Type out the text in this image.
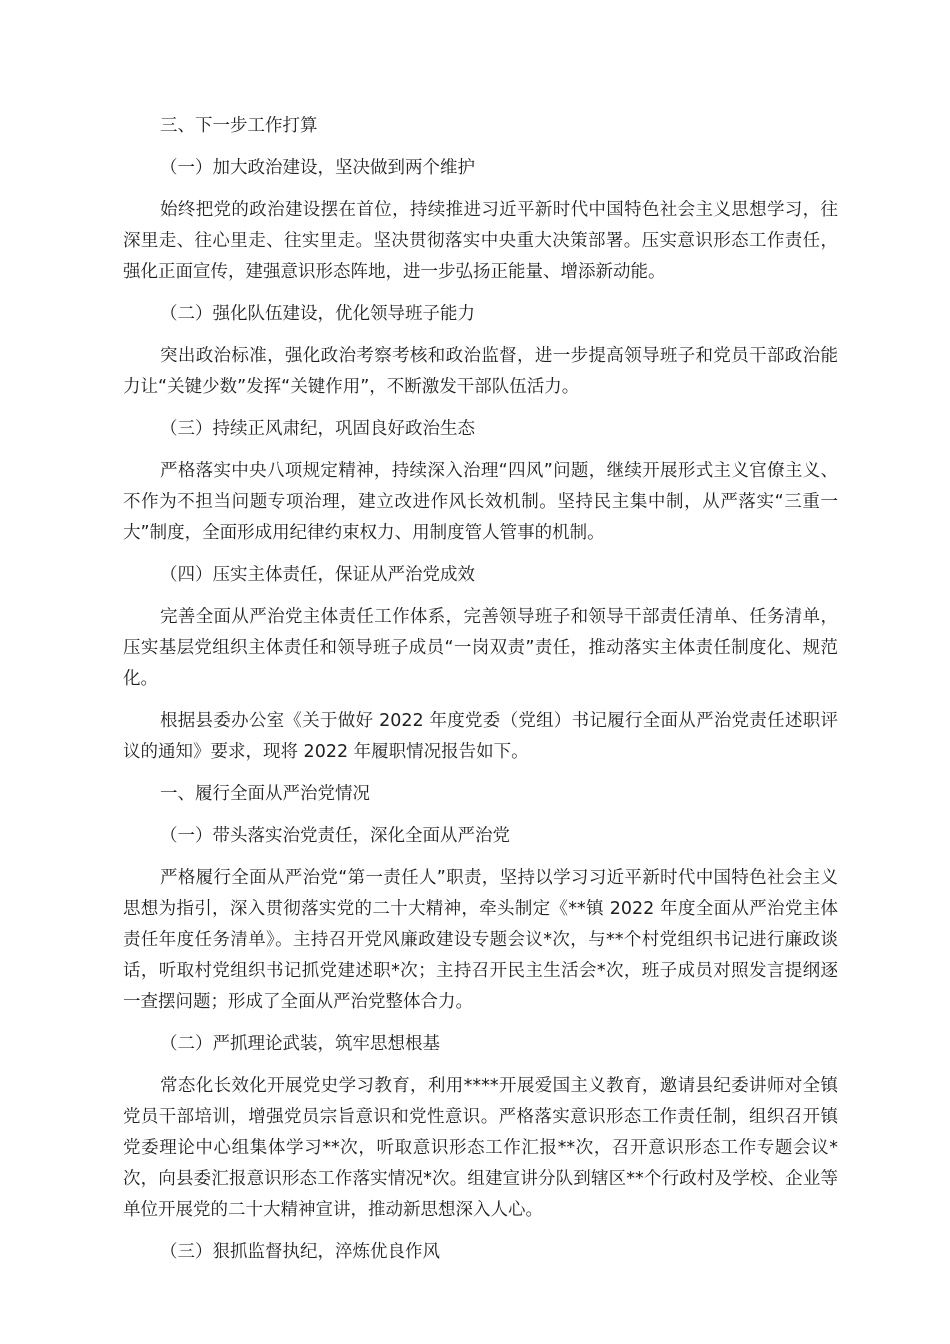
三、下一步工作打算

（一）加大政治建设，坚决做到两个维护

始终把党的政治建设摆在首位，持续推进习近平新时代中国特色社会主义思想学习，往深里走、往心里走、往实里走。坚决贯彻落实中央重大决策部署。压实意识形态工作责任，强化正面宣传，建强意识形态阵地，进一步弘扬正能量、增添新动能。

（二）强化队伍建设，优化领导班子能力

突出政治标准，强化政治考察考核和政治监督，进一步提高领导班子和党员干部政治能力让“关键少数”发挥“关键作用”，不断激发干部队伍活力。

（三）持续正风肃纪，巩固良好政治生态

严格落实中央八项规定精神，持续深入治理“四风”问题，继续开展形式主义官僚主义、不作为不担当问题专项治理，建立改进作风长效机制。坚持民主集中制，从严落实“三重一大”制度，全面形成用纪律约束权力、用制度管人管事的机制。

（四）压实主体责任，保证从严治党成效

完善全面从严治党主体责任工作体系，完善领导班子和领导干部责任清单、任务清单，压实基层党组织主体责任和领导班子成员“一岗双责”责任，推动落实主体责任制度化、规范化。

根据县委办公室《关于做好 2022 年度党委（党组）书记履行全面从严治党责任述职评议的通知》要求，现将 2022 年履职情况报告如下。

一、履行全面从严治党情况

（一）带头落实治党责任，深化全面从严治党

严格履行全面从严治党“第一责任人”职责，坚持以学习习近平新时代中国特色社会主义思想为指引，深入贯彻落实党的二十大精神，牵头制定《**镇 2022 年度全面从严治党主体责任年度任务清单》。主持召开党风廉政建设专题会议*次，与**个村党组织书记进行廉政谈话，听取村党组织书记抓党建述职*次；主持召开民主生活会*次，班子成员对照发言提纲逐一查摆问题；形成了全面从严治党整体合力。

（二）严抓理论武装，筑牢思想根基

常态化长效化开展党史学习教育，利用****开展爱国主义教育，邀请县纪委讲师对全镇党员干部培训，增强党员宗旨意识和党性意识。严格落实意识形态工作责任制，组织召开镇党委理论中心组集体学习**次，听取意识形态工作汇报**次，召开意识形态工作专题会议*次，向县委汇报意识形态工作落实情况*次。组建宣讲分队到辖区**个行政村及学校、企业等单位开展党的二十大精神宣讲，推动新思想深入人心。

（三）狠抓监督执纪，淬炼优良作风
